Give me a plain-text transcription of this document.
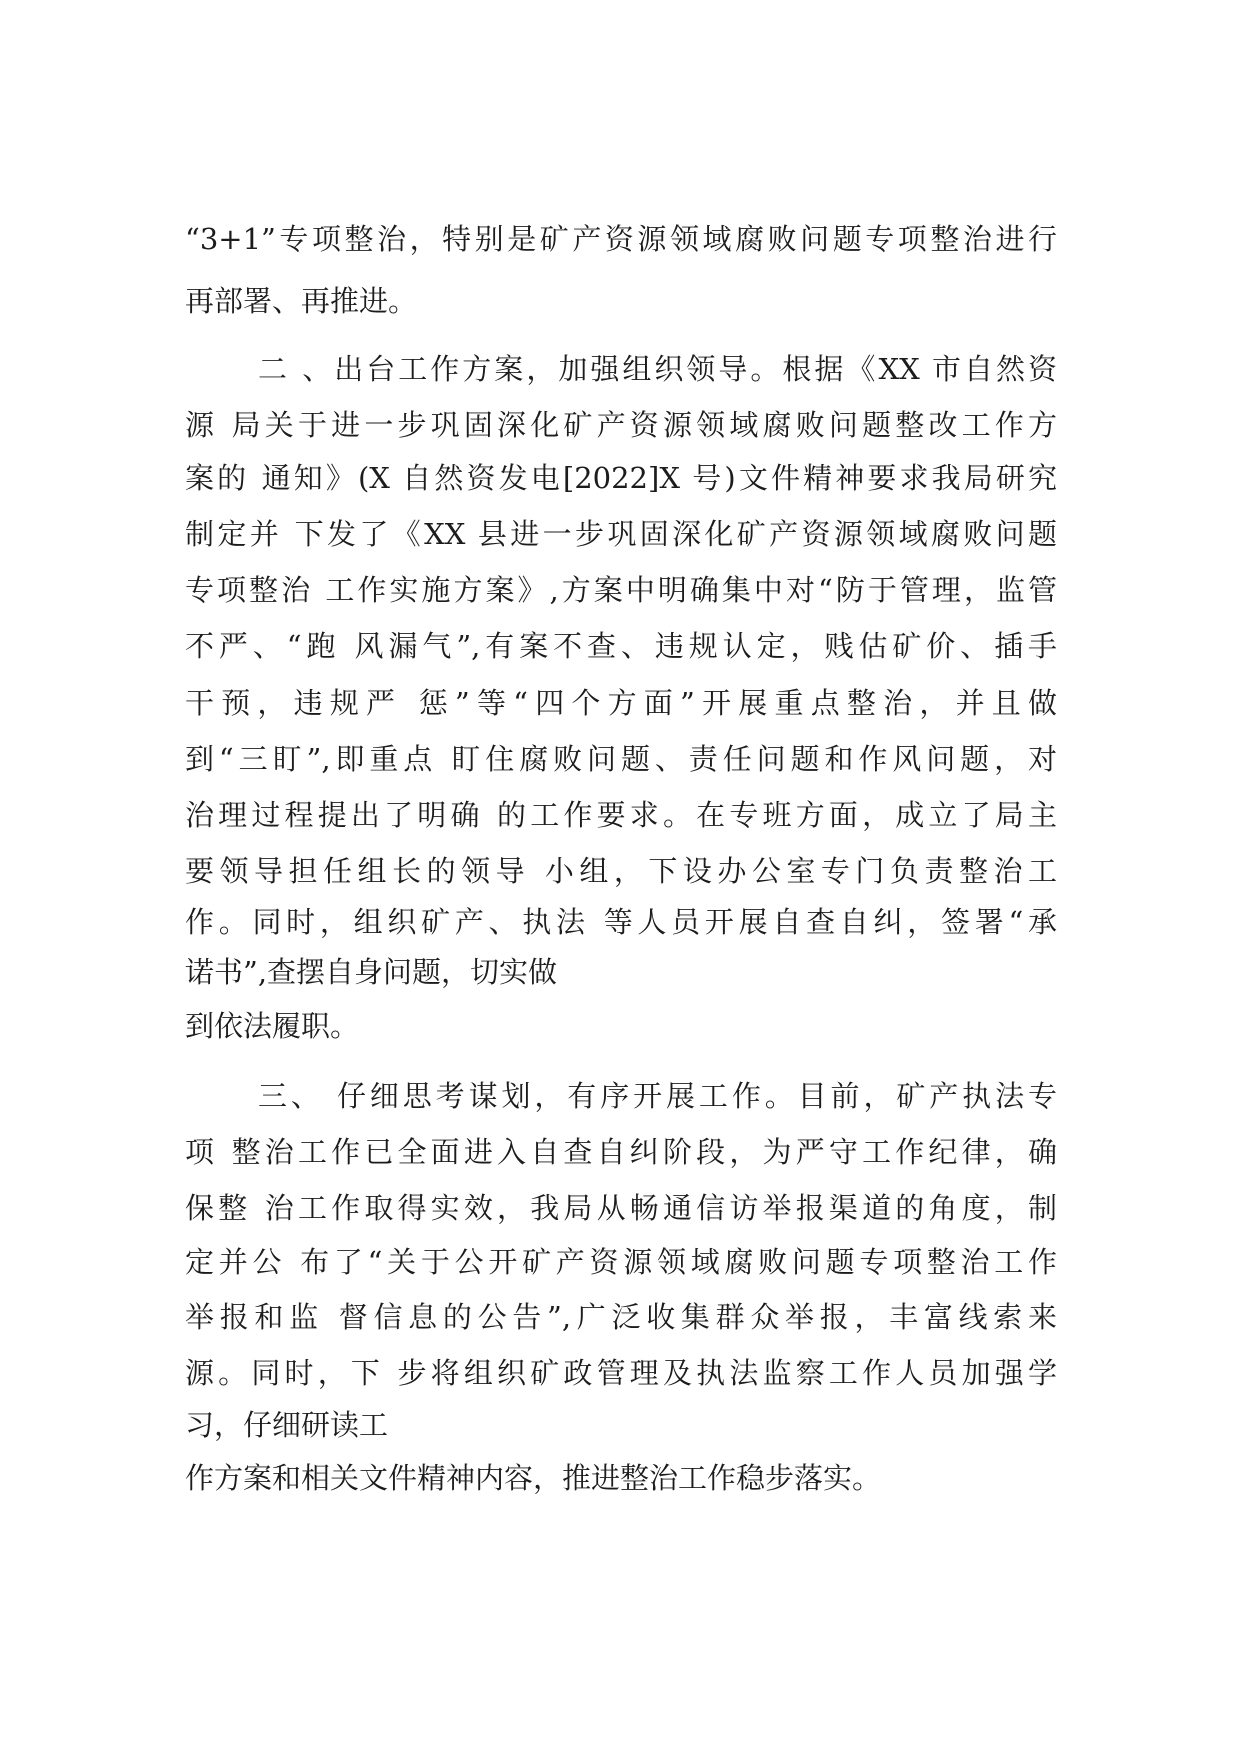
“3+1”专项整治，特别是矿产资源领域腐败问题专项整治进行
再部署、再推进。
二 、出台工作方案，加强组织领导。根据《XX 市自然资
源 局关于进一步巩固深化矿产资源领域腐败问题整改工作方
案的 通知》(X 自然资发电[2022]X 号)文件精神要求我局研究
制定并 下发了《XX 县进一步巩固深化矿产资源领域腐败问题
专项整治 工作实施方案》,方案中明确集中对“防于管理，监管
不严、“跑 风漏气”,有案不查、违规认定，贱估矿价、插手
干预，违规严 惩”等“四个方面”开展重点整治，并且做
到“三盯”,即重点 盯住腐败问题、责任问题和作风问题，对
治理过程提出了明确 的工作要求。在专班方面，成立了局主
要领导担任组长的领导 小组，下设办公室专门负责整治工
作。同时，组织矿产、执法 等人员开展自查自纠，签署“承
诺书”,查摆自身问题，切实做
到依法履职。
三、 仔细思考谋划，有序开展工作。目前，矿产执法专
项 整治工作已全面进入自查自纠阶段，为严守工作纪律，确
保整 治工作取得实效，我局从畅通信访举报渠道的角度，制
定并公 布了“关于公开矿产资源领域腐败问题专项整治工作
举报和监 督信息的公告”,广泛收集群众举报，丰富线索来
源。同时，下 步将组织矿政管理及执法监察工作人员加强学
习，仔细研读工
作方案和相关文件精神内容，推进整治工作稳步落实。
